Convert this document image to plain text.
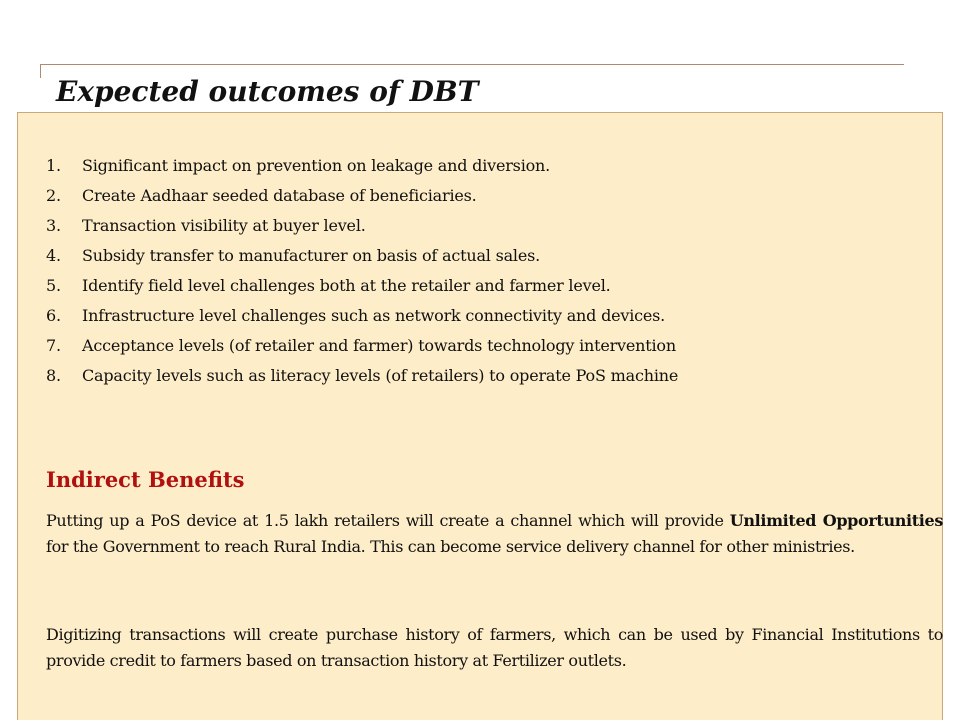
Expected outcomes of DBT
1. Significant impact on prevention on leakage and diversion.
2. Create Aadhaar seeded database of beneficiaries.
3. Transaction visibility at buyer level.
4. Subsidy transfer to manufacturer on basis of actual sales.
5. Identify field level challenges both at the retailer and farmer level.
6. Infrastructure level challenges such as network connectivity and devices.
7. Acceptance levels (of retailer and farmer) towards technology intervention
8. Capacity levels such as literacy levels (of retailers) to operate PoS machine
Indirect Benefits

Putting up a PoS device at 1.5 lakh retailers will create a channel which will provide Unlimited Opportunities for the Government to reach Rural India. This can become service delivery channel for other ministries.

Digitizing transactions will create purchase history of farmers, which can be used by Financial Institutions to provide credit to farmers based on transaction history at Fertilizer outlets.
